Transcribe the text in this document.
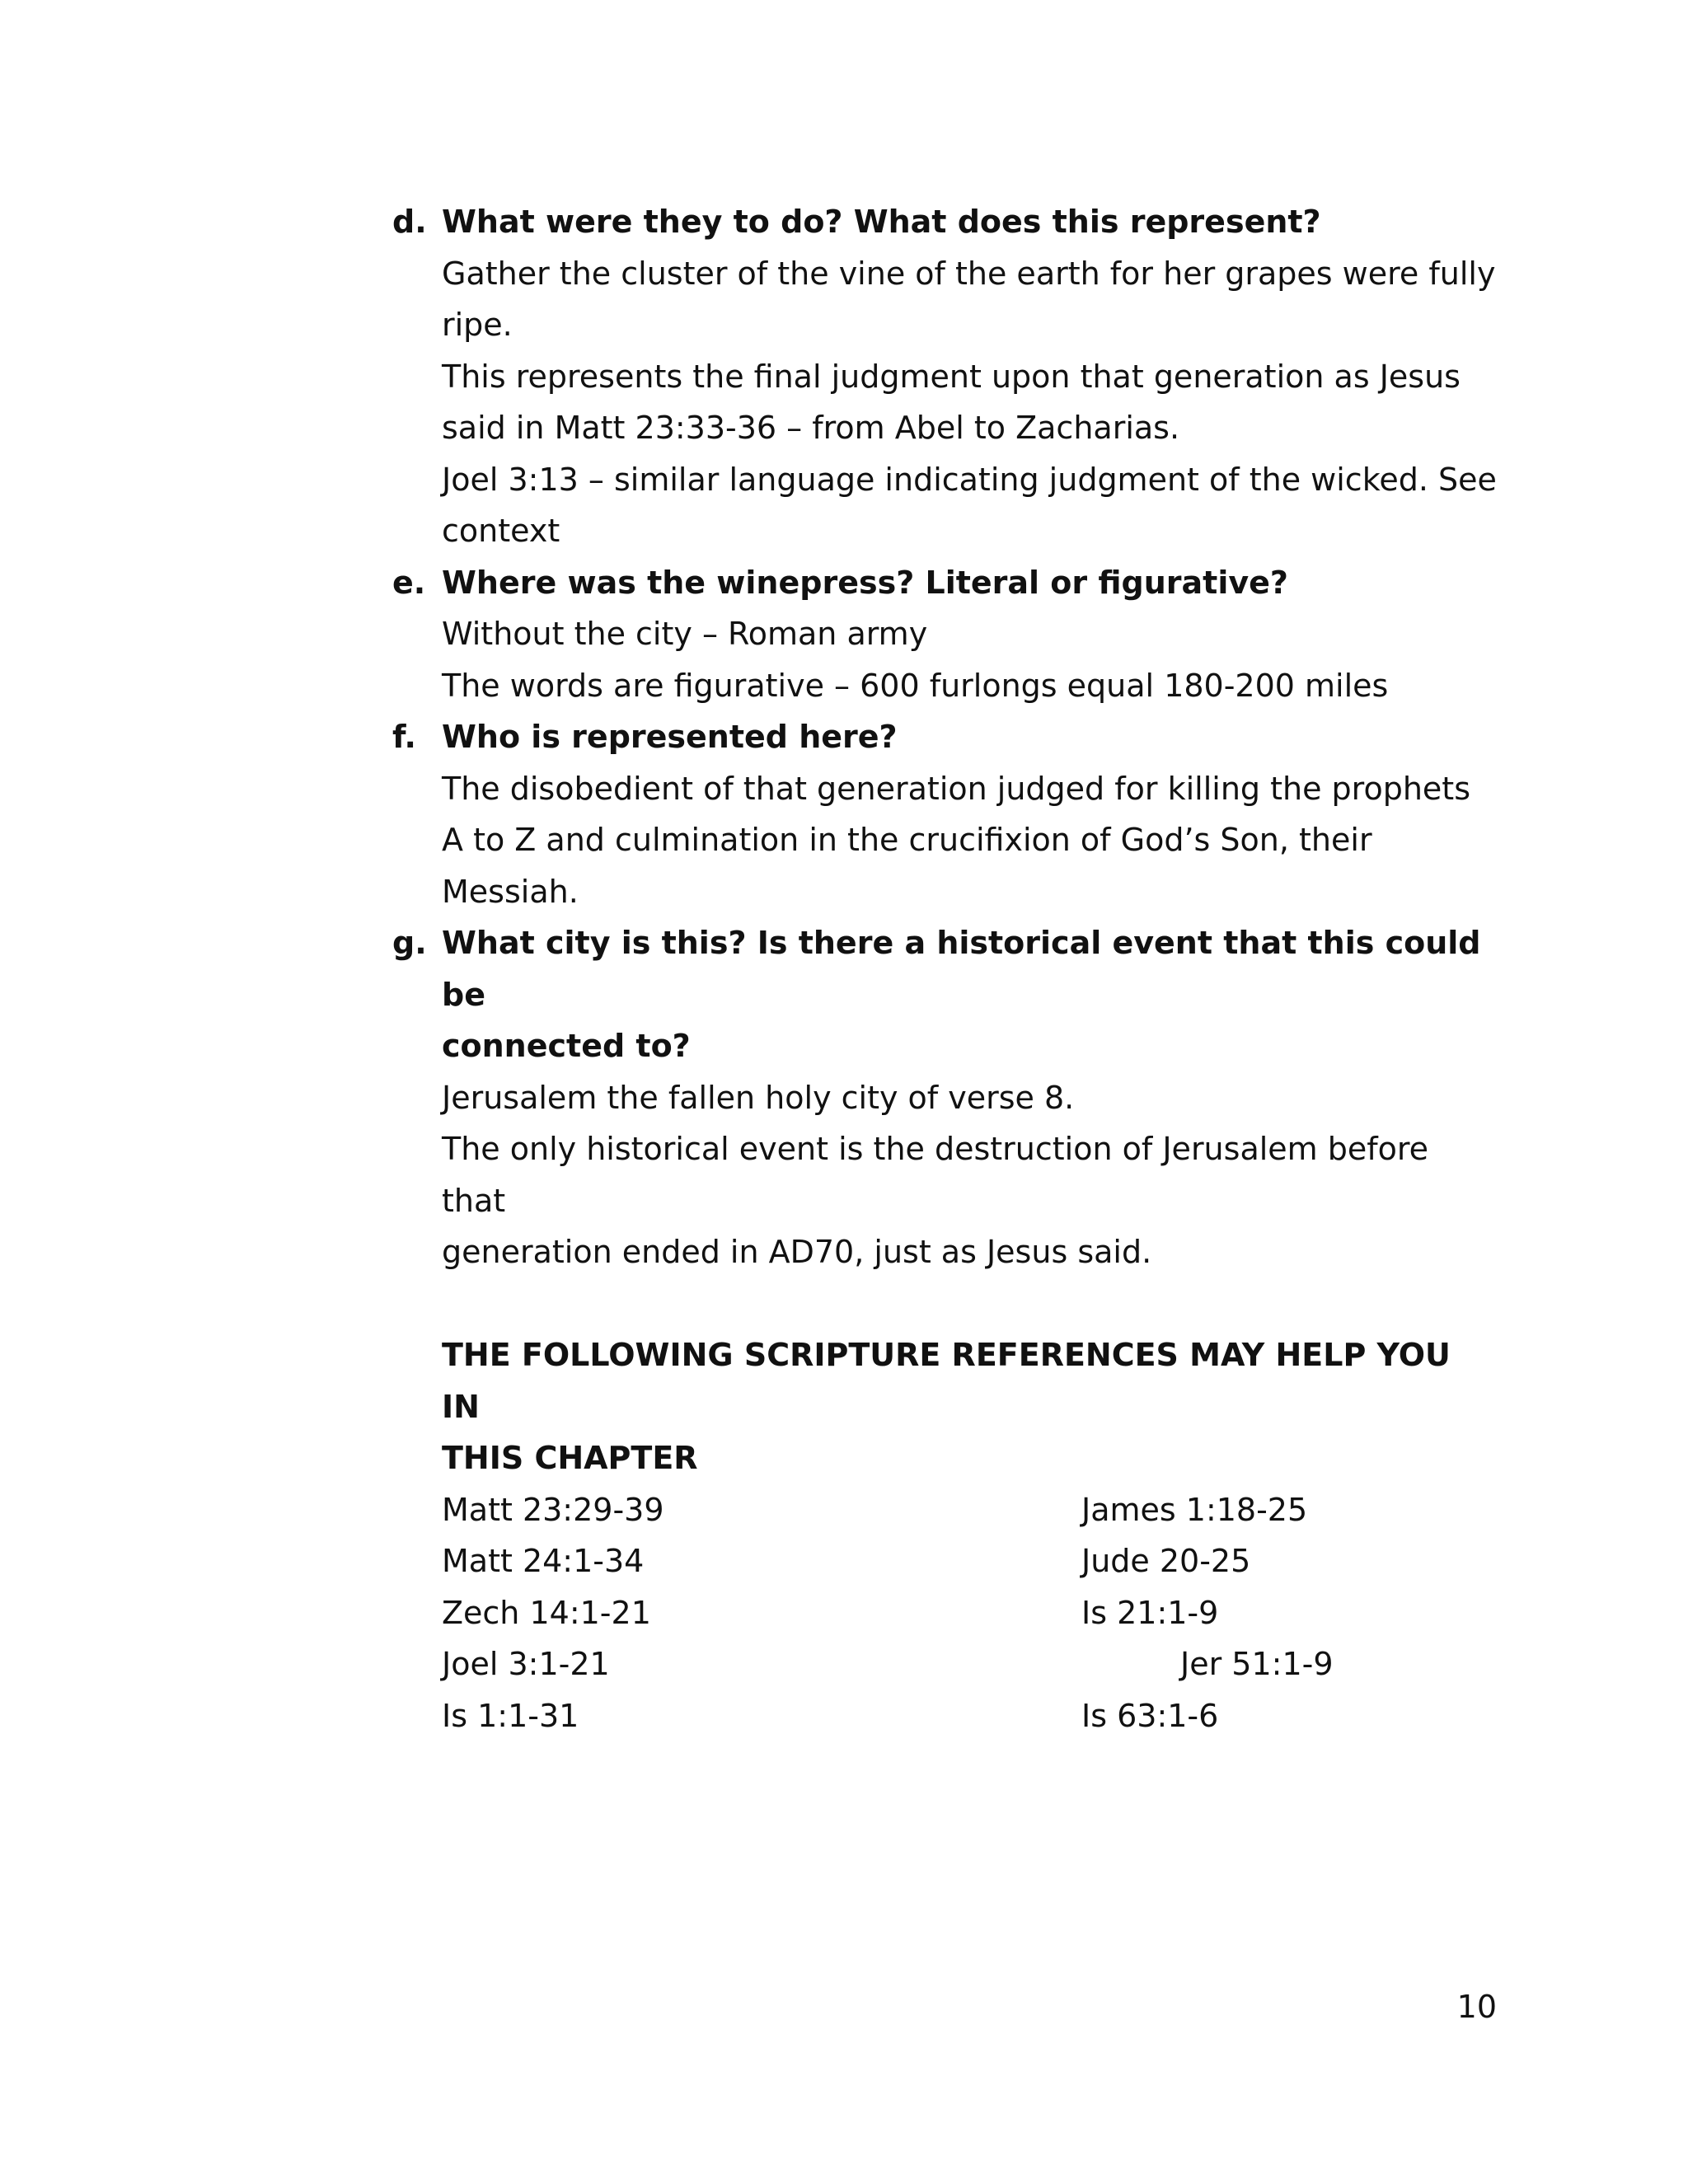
d. What were they to do? What does this represent?
Gather the cluster of the vine of the earth for her grapes were fully
ripe.
This represents the final judgment upon that generation as Jesus
said in Matt 23:33-36 – from Abel to Zacharias.
Joel 3:13 – similar language indicating judgment of the wicked. See
context
e. Where was the winepress? Literal or figurative?
Without the city – Roman army
The words are figurative – 600 furlongs equal 180-200 miles
f. Who is represented here?
The disobedient of that generation judged for killing the prophets
A to Z and culmination in the crucifixion of God’s Son, their
Messiah.
g. What city is this? Is there a historical event that this could be
connected to?
Jerusalem the fallen holy city of verse 8.
The only historical event is the destruction of Jerusalem before that
generation ended in AD70, just as Jesus said.
THE FOLLOWING SCRIPTURE REFERENCES MAY HELP YOU IN
THIS CHAPTER
Matt 23:29-39	James 1:18-25
Matt 24:1-34	Jude 20-25
Zech 14:1-21	Is 21:1-9
Joel 3:1-21	Jer 51:1-9
Is 1:1-31	Is 63:1-6
10
